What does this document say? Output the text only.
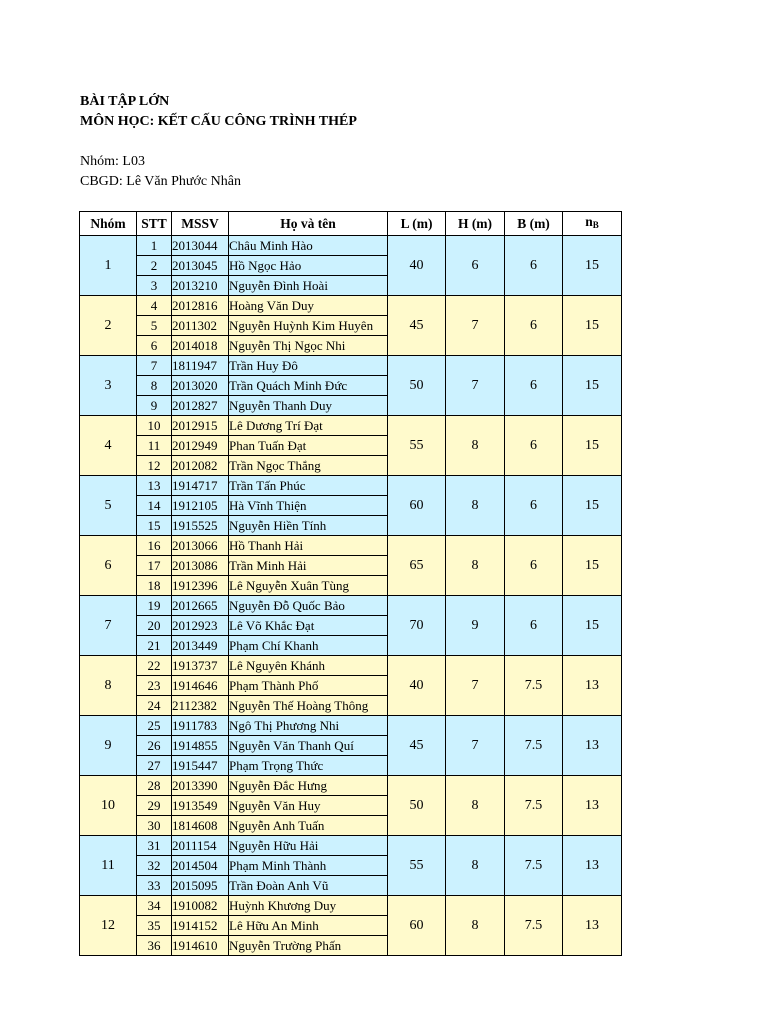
BÀI TẬP LỚN
MÔN HỌC: KẾT CẤU CÔNG TRÌNH THÉP
Nhóm: L03
CBGD: Lê Văn Phước Nhân
Nhóm	STT	MSSV	Họ và tên	L (m)	H (m)	B (m)	$n_B$
1	1	2013044	Châu Minh Hào	40	6	6	15
	2	2013045	Hồ Ngọc Hảo				
	3	2013210	Nguyễn Đình Hoài				
2	4	2012816	Hoàng Văn Duy	45	7	6	15
	5	2011302	Nguyễn Huỳnh Kim Huyên				
	6	2014018	Nguyễn Thị Ngọc Nhi				
3	7	1811947	Trần Huy Đô	50	7	6	15
	8	2013020	Trần Quách Minh Đức				
	9	2012827	Nguyễn Thanh Duy				
4	10	2012915	Lê Dương Trí Đạt	55	8	6	15
	11	2012949	Phan Tuấn Đạt				
	12	2012082	Trần Ngọc Thắng				
5	13	1914717	Trần Tấn Phúc	60	8	6	15
	14	1912105	Hà Vĩnh Thiện				
	15	1915525	Nguyễn Hiền Tính				
6	16	2013066	Hồ Thanh Hải	65	8	6	15
	17	2013086	Trần Minh Hải				
	18	1912396	Lê Nguyễn Xuân Tùng				
7	19	2012665	Nguyễn Đỗ Quốc Bảo	70	9	6	15
	20	2012923	Lê Võ Khắc Đạt				
	21	2013449	Phạm Chí Khanh				
8	22	1913737	Lê Nguyên Khánh	40	7	7.5	13
	23	1914646	Phạm Thành Phố				
	24	2112382	Nguyễn Thế Hoàng Thông				
9	25	1911783	Ngô Thị Phương Nhi	45	7	7.5	13
	26	1914855	Nguyễn Văn Thanh Quí				
	27	1915447	Phạm Trọng Thức				
10	28	2013390	Nguyễn Đắc Hưng	50	8	7.5	13
	29	1913549	Nguyễn Văn Huy				
	30	1814608	Nguyễn Anh Tuấn				
11	31	2011154	Nguyễn Hữu Hải	55	8	7.5	13
	32	2014504	Phạm Minh Thành				
	33	2015095	Trần Đoàn Anh Vũ				
12	34	1910082	Huỳnh Khương Duy	60	8	7.5	13
	35	1914152	Lê Hữu An Minh				
	36	1914610	Nguyễn Trường Phấn				
